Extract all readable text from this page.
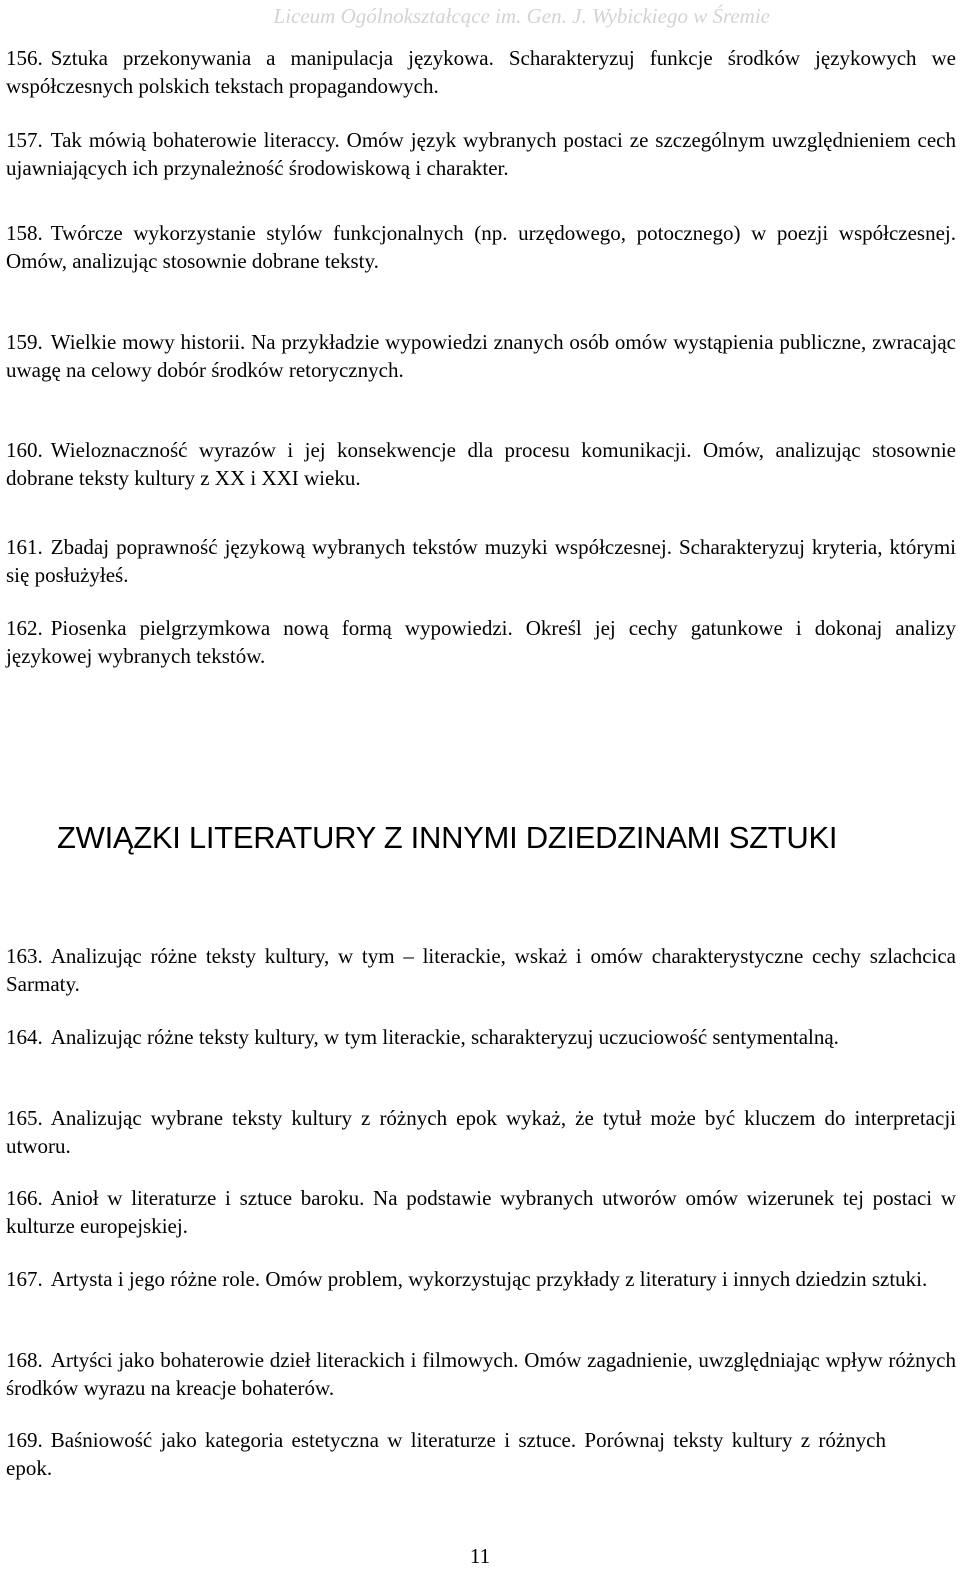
Liceum Ogólnokształcące im. Gen. J. Wybickiego w Śremie
156. Sztuka przekonywania a manipulacja językowa. Scharakteryzuj funkcje środków językowych we współczesnych polskich tekstach propagandowych.
157. Tak mówią bohaterowie literaccy. Omów język wybranych postaci ze szczególnym uwzględnieniem cech ujawniających ich przynależność środowiskową i charakter.
158. Twórcze wykorzystanie stylów funkcjonalnych (np. urzędowego, potocznego) w poezji współczesnej. Omów, analizując stosownie dobrane teksty.
159. Wielkie mowy historii. Na przykładzie wypowiedzi znanych osób omów wystąpienia publiczne, zwracając uwagę na celowy dobór środków retorycznych.
160. Wieloznaczność wyrazów i jej konsekwencje dla procesu komunikacji. Omów, analizując stosownie dobrane teksty kultury z XX i XXI wieku.
161. Zbadaj poprawność językową wybranych tekstów muzyki współczesnej. Scharakteryzuj kryteria, którymi się posłużyłeś.
162. Piosenka pielgrzymkowa nową formą wypowiedzi. Określ jej cechy gatunkowe i dokonaj analizy językowej wybranych tekstów.
ZWIĄZKI LITERATURY Z INNYMI DZIEDZINAMI SZTUKI
163. Analizując różne teksty kultury, w tym – literackie, wskaż i omów charakterystyczne cechy szlachcica Sarmaty.
164. Analizując różne teksty kultury, w tym literackie, scharakteryzuj uczuciowość sentymentalną.
165. Analizując wybrane teksty kultury z różnych epok wykaż, że tytuł może być kluczem do interpretacji utworu.
166. Anioł w literaturze i sztuce baroku. Na podstawie wybranych utworów omów wizerunek tej postaci w kulturze europejskiej.
167. Artysta i jego różne role. Omów problem, wykorzystując przykłady z literatury i innych dziedzin sztuki.
168. Artyści jako bohaterowie dzieł literackich i filmowych. Omów zagadnienie, uwzględniając wpływ różnych środków wyrazu na kreacje bohaterów.
169. Baśniowość jako kategoria estetyczna w literaturze i sztuce. Porównaj teksty kultury z różnych epok.
11
